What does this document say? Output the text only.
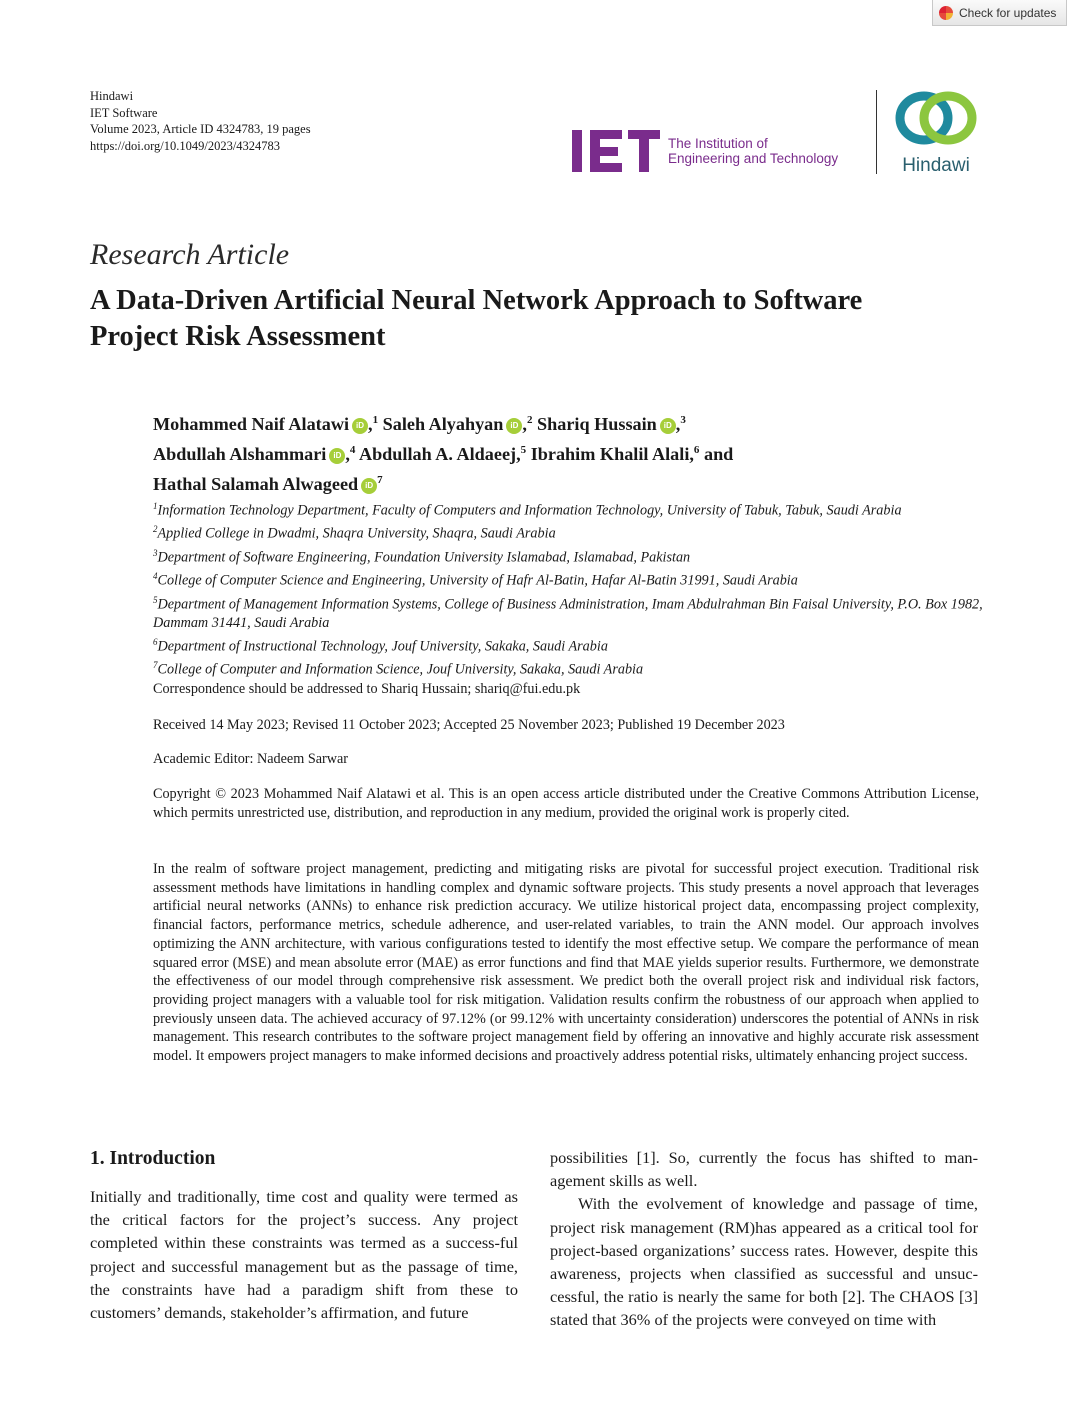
Check for updates
Hindawi
IET Software
Volume 2023, Article ID 4324783, 19 pages
https://doi.org/10.1049/2023/4324783	The Institution of
Engineering and Technology	Hindawi
Research Article
A Data-Driven Artificial Neural Network Approach to Software
Project Risk Assessment
Mohammed Naif Alatawi iD ,$^1$ Saleh Alyahyan iD ,$^2$ Shariq Hussain iD ,$^3$
Abdullah Alshammari iD ,$^4$ Abdullah A. Aldaeej,$^5$ Ibrahim Khalil Alali,$^6$ and
Hathal Salamah Alwageed iD $^7$
$^1$Information Technology Department, Faculty of Computers and Information Technology, University of Tabuk, Tabuk, Saudi Arabia
$^2$Applied College in Dwadmi, Shaqra University, Shaqra, Saudi Arabia
$^3$Department of Software Engineering, Foundation University Islamabad, Islamabad, Pakistan
$^4$College of Computer Science and Engineering, University of Hafr Al-Batin, Hafar Al-Batin 31991, Saudi Arabia
$^5$Department of Management Information Systems, College of Business Administration, Imam Abdulrahman Bin Faisal University, P.O. Box 1982, Dammam 31441, Saudi Arabia
$^6$Department of Instructional Technology, Jouf University, Sakaka, Saudi Arabia
$^7$College of Computer and Information Science, Jouf University, Sakaka, Saudi Arabia
Correspondence should be addressed to Shariq Hussain; shariq@fui.edu.pk
Received 14 May 2023; Revised 11 October 2023; Accepted 25 November 2023; Published 19 December 2023
Academic Editor: Nadeem Sarwar
Copyright © 2023 Mohammed Naif Alatawi et al. This is an open access article distributed under the Creative Commons Attribution License, which permits unrestricted use, distribution, and reproduction in any medium, provided the original work is properly cited.
In the realm of software project management, predicting and mitigating risks are pivotal for successful project execution. Traditional risk assessment methods have limitations in handling complex and dynamic software projects. This study presents a novel approach that leverages artificial neural networks (ANNs) to enhance risk prediction accuracy. We utilize historical project data, encompassing project complexity, financial factors, performance metrics, schedule adherence, and user-related variables, to train the ANN model. Our approach involves optimizing the ANN architecture, with various configurations tested to identify the most effective setup. We compare the performance of mean squared error (MSE) and mean absolute error (MAE) as error functions and find that MAE yields superior results. Furthermore, we demonstrate the effectiveness of our model through comprehensive risk assessment. We predict both the overall project risk and individual risk factors, providing project managers with a valuable tool for risk mitigation. Validation results confirm the robustness of our approach when applied to previously unseen data. The achieved accuracy of 97.12% (or 99.12% with uncertainty consideration) underscores the potential of ANNs in risk management. This research contributes to the software project management field by offering an innovative and highly accurate risk assessment model. It empowers project managers to make informed decisions and proactively address potential risks, ultimately enhancing project success.
1. Introduction

Initially and traditionally, time cost and quality were termed as the critical factors for the project’s success. Any project completed within these constraints was termed as a success-ful project and successful management but as the passage of time, the constraints have had a paradigm shift from these to customers’ demands, stakeholder’s affirmation, and future

possibilities [1]. So, currently the focus has shifted to man-agement skills as well.

With the evolvement of knowledge and passage of time, project risk management (RM)has appeared as a critical tool for project-based organizations’ success rates. However, despite this awareness, projects when classified as successful and unsuc-cessful, the ratio is nearly the same for both [2]. The CHAOS [3] stated that 36% of the projects were conveyed on time with
